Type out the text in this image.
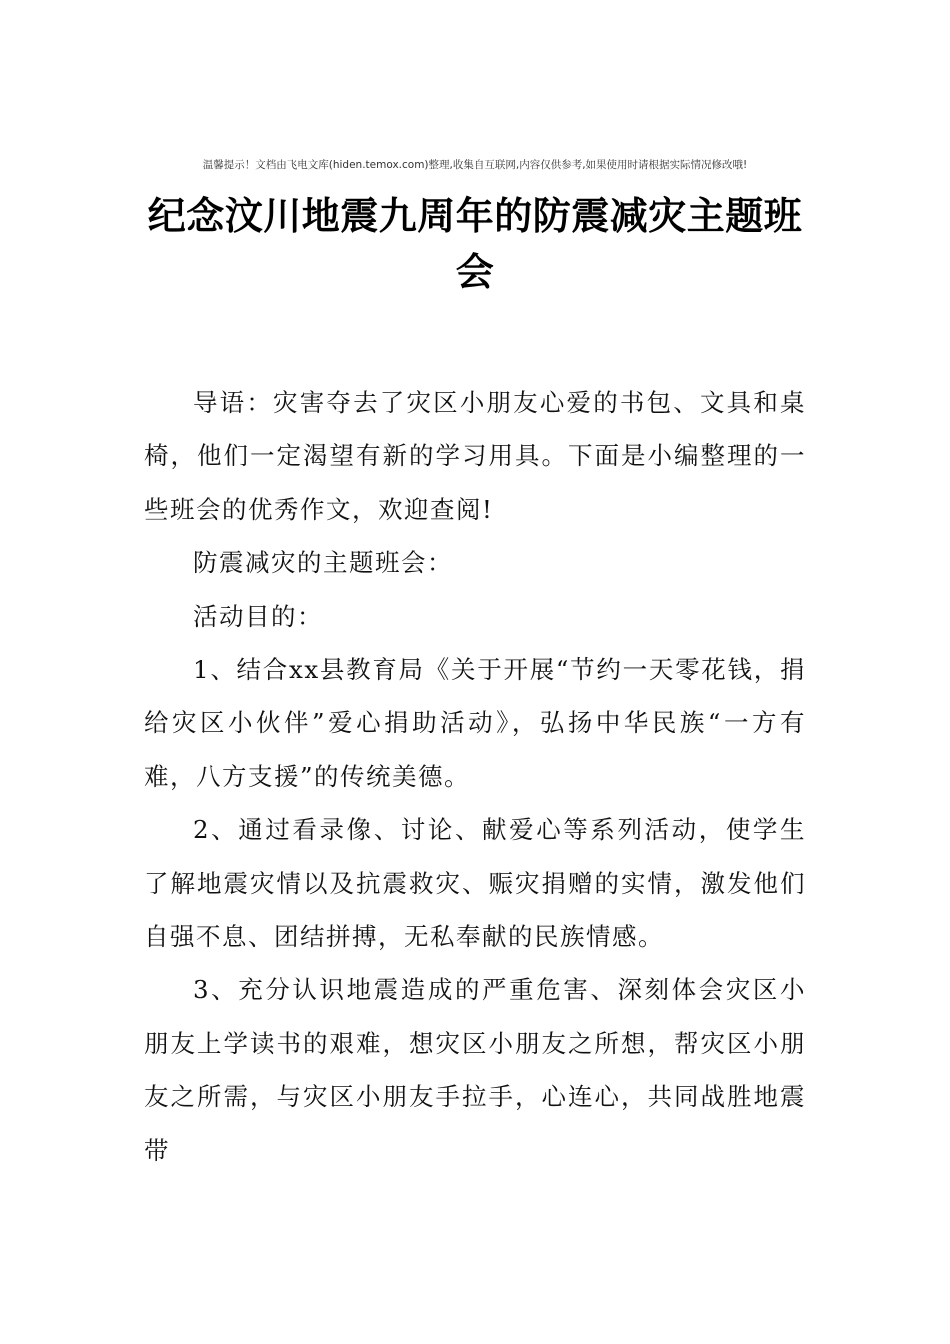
温馨提示！文档由飞电文库(hiden.temox.com)整理,收集自互联网,内容仅供参考,如果使用时请根据实际情况修改哦!
纪念汶川地震九周年的防震减灾主题班会

导语：灾害夺去了灾区小朋友心爱的书包、文具和桌椅，他们一定渴望有新的学习用具。下面是小编整理的一些班会的优秀作文，欢迎查阅!

防震减灾的主题班会：

活动目的：

1、结合xx县教育局《关于开展“节约一天零花钱，捐给灾区小伙伴”爱心捐助活动》，弘扬中华民族“一方有难，八方支援”的传统美德。

2、通过看录像、讨论、献爱心等系列活动，使学生了解地震灾情以及抗震救灾、赈灾捐赠的实情，激发他们自强不息、团结拼搏，无私奉献的民族情感。

3、充分认识地震造成的严重危害、深刻体会灾区小朋友上学读书的艰难，想灾区小朋友之所想，帮灾区小朋友之所需，与灾区小朋友手拉手，心连心，共同战胜地震带
